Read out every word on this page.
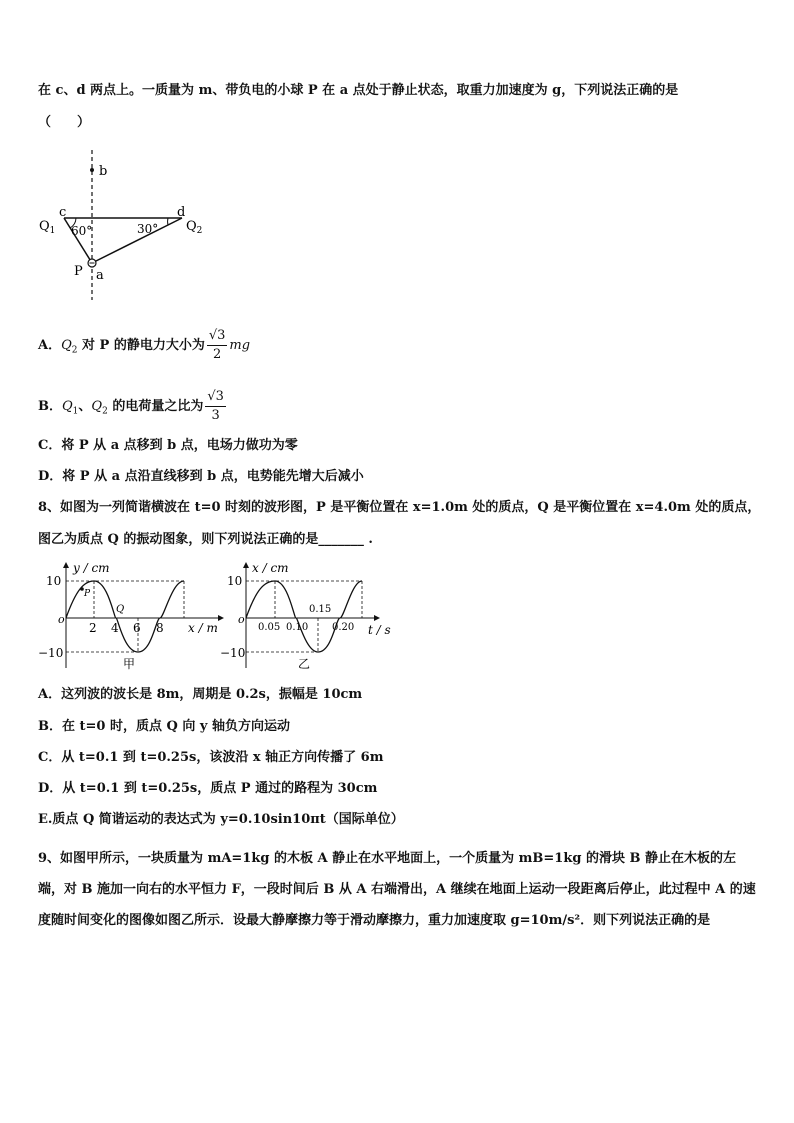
在 c、d 两点上。一质量为 m、带负电的小球 P 在 a 点处于静止状态，取重力加速度为 g，下列说法正确的是
（　　）
b
60°	30°
c	d
$Q_1$	$Q_2$
P a
A．$Q_2$ 对 P 的静电力大小为 $\frac{√3}{2}$ mg
B．$Q_1$、$Q_2$ 的电荷量之比为 $\frac{√3}{3}$
C．将 P 从 a 点移到 b 点，电场力做功为零
D．将 P 从 a 点沿直线移到 b 点，电势能先增大后减小
8、如图为一列简谐横波在 t=0 时刻的波形图，P 是平衡位置在 x=1.0m 处的质点，Q 是平衡位置在 x=4.0m 处的质点，
图乙为质点 Q 的振动图象，则下列说法正确的是_______ .
P
Q
10
−10
o
y / cm
x / m
2 4 6 8
甲
10
−10
o
x / cm
t / s
0.05 0.10
0.15
0.20
乙
A．这列波的波长是 8m，周期是 0.2s，振幅是 10cm
B．在 t=0 时，质点 Q 向 y 轴负方向运动
C．从 t=0.1 到 t=0.25s，该波沿 x 轴正方向传播了 6m
D．从 t=0.1 到 t=0.25s，质点 P 通过的路程为 30cm
E.质点 Q 简谐运动的表达式为 y=0.10sin10πt（国际单位）
9、如图甲所示，一块质量为 mA=1kg 的木板 A 静止在水平地面上，一个质量为 mB=1kg 的滑块 B 静止在木板的左端，对 B 施加一向右的水平恒力 F，一段时间后 B 从 A 右端滑出，A 继续在地面上运动一段距离后停止，此过程中 A 的速度随时间变化的图像如图乙所示．设最大静摩擦力等于滑动摩擦力，重力加速度取 g=10m/s²．则下列说法正确的是
